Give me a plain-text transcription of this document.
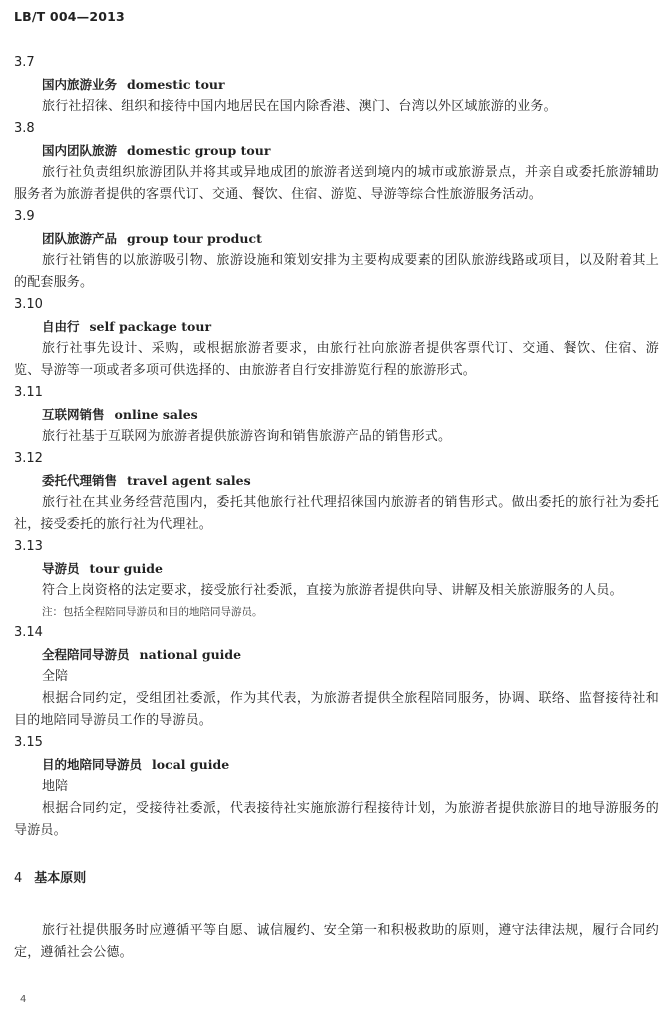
LB/T 004—2013
3.7
国内旅游业务 domestic tour
旅行社招徕、组织和接待中国内地居民在国内除香港、澳门、台湾以外区域旅游的业务。
3.8
国内团队旅游 domestic group tour
旅行社负责组织旅游团队并将其或异地成团的旅游者送到境内的城市或旅游景点，并亲自或委托旅游辅助服务者为旅游者提供的客票代订、交通、餐饮、住宿、游览、导游等综合性旅游服务活动。
3.9
团队旅游产品 group tour product
旅行社销售的以旅游吸引物、旅游设施和策划安排为主要构成要素的团队旅游线路或项目，以及附着其上的配套服务。
3.10
自由行 self package tour
旅行社事先设计、采购，或根据旅游者要求，由旅行社向旅游者提供客票代订、交通、餐饮、住宿、游览、导游等一项或者多项可供选择的、由旅游者自行安排游览行程的旅游形式。
3.11
互联网销售 online sales
旅行社基于互联网为旅游者提供旅游咨询和销售旅游产品的销售形式。
3.12
委托代理销售 travel agent sales
旅行社在其业务经营范围内，委托其他旅行社代理招徕国内旅游者的销售形式。做出委托的旅行社为委托社，接受委托的旅行社为代理社。
3.13
导游员 tour guide
符合上岗资格的法定要求，接受旅行社委派，直接为旅游者提供向导、讲解及相关旅游服务的人员。
注：包括全程陪同导游员和目的地陪同导游员。
3.14
全程陪同导游员 national guide
全陪
根据合同约定，受组团社委派，作为其代表，为旅游者提供全旅程陪同服务，协调、联络、监督接待社和目的地陪同导游员工作的导游员。
3.15
目的地陪同导游员 local guide
地陪
根据合同约定，受接待社委派，代表接待社实施旅游行程接待计划，为旅游者提供旅游目的地导游服务的导游员。
4 基本原则
旅行社提供服务时应遵循平等自愿、诚信履约、安全第一和积极救助的原则，遵守法律法规，履行合同约定，遵循社会公德。
4
